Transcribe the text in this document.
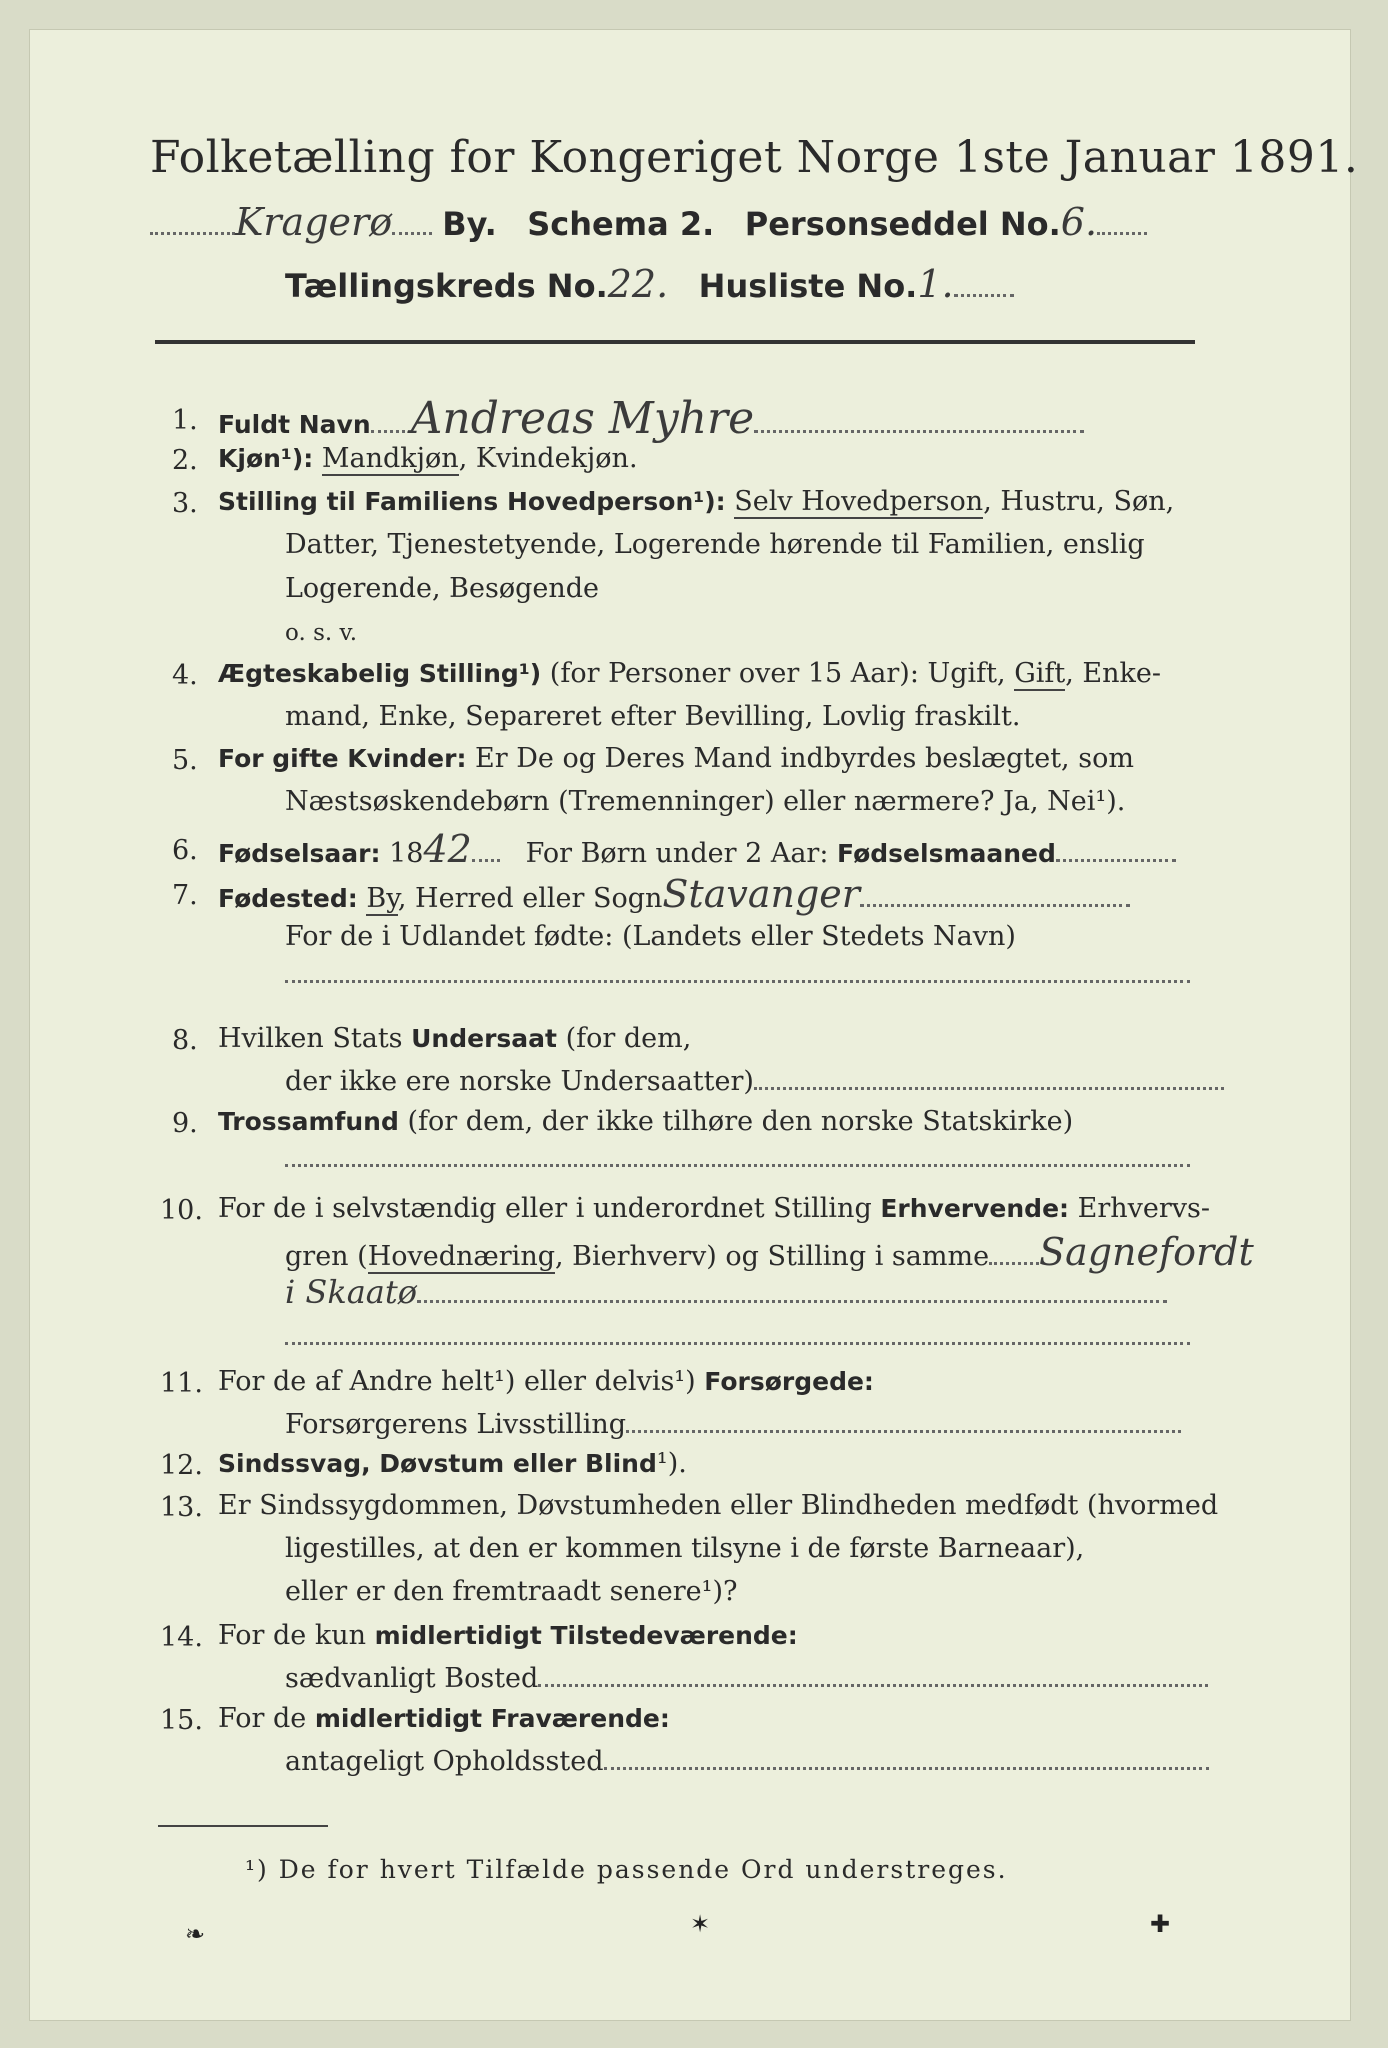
Folketælling for Kongeriget Norge 1ste Januar 1891.
Kragerø By. Schema 2. Personseddel No.6.
Tællingskreds No.22. Husliste No.1.
1. Fuldt Navn Andreas Myhre
2. Kjøn¹): Mandkjøn, Kvindekjøn.
3. Stilling til Familiens Hovedperson¹): Selv Hovedperson, Hustru, Søn,
Datter, Tjenestetyende, Logerende hørende til Familien, enslig
Logerende, Besøgende
o. s. v.
4. Ægteskabelig Stilling¹) (for Personer over 15 Aar): Ugift, Gift, Enke-
mand, Enke, Separeret efter Bevilling, Lovlig fraskilt.
5. For gifte Kvinder: Er De og Deres Mand indbyrdes beslægtet, som
Næstsøskendebørn (Tremenninger) eller nærmere? Ja, Nei¹).
6. Fødselsaar: 1842 For Børn under 2 Aar: Fødselsmaaned
7. Fødested: By, Herred eller SognStavanger
For de i Udlandet fødte: (Landets eller Stedets Navn)
8. Hvilken Stats Undersaat (for dem,
der ikke ere norske Undersaatter)
9. Trossamfund (for dem, der ikke tilhøre den norske Statskirke)
10. For de i selvstændig eller i underordnet Stilling Erhvervende: Erhvervs-
gren (Hovednæring, Bierhverv) og Stilling i samme Sagnefordt
i Skaatø
11. For de af Andre helt¹) eller delvis¹) Forsørgede:
Forsørgerens Livsstilling
12. Sindssvag, Døvstum eller Blind¹).
13. Er Sindssygdommen, Døvstumheden eller Blindheden medfødt (hvormed
ligestilles, at den er kommen tilsyne i de første Barneaar),
eller er den fremtraadt senere¹)?
14. For de kun midlertidigt Tilstedeværende:
sædvanligt Bosted
15. For de midlertidigt Fraværende:
antageligt Opholdssted
¹) De for hvert Tilfælde passende Ord understreges.
❧	✶	✚
